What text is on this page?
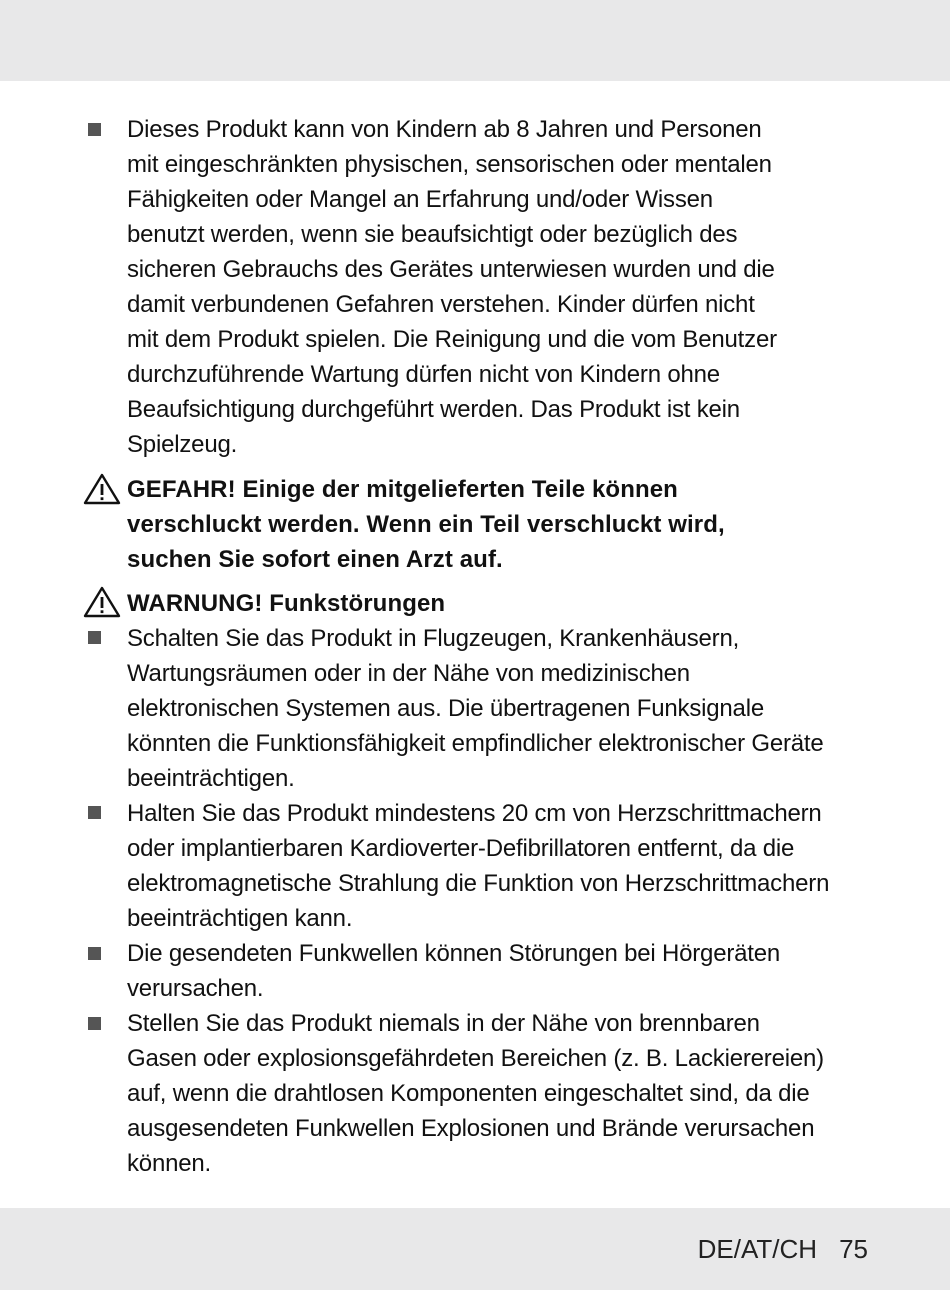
Dieses Produkt kann von Kindern ab 8 Jahren und Personen
mit eingeschränkten physischen, sensorischen oder mentalen
Fähigkeiten oder Mangel an Erfahrung und/oder Wissen
benutzt werden, wenn sie beaufsichtigt oder bezüglich des
sicheren Gebrauchs des Gerätes unterwiesen wurden und die
damit verbundenen Gefahren verstehen. Kinder dürfen nicht
mit dem Produkt spielen. Die Reinigung und die vom Benutzer
durchzuführende Wartung dürfen nicht von Kindern ohne
Beaufsichtigung durchgeführt werden. Das Produkt ist kein
Spielzeug.
GEFAHR! Einige der mitgelieferten Teile können
verschluckt werden. Wenn ein Teil verschluckt wird,
suchen Sie sofort einen Arzt auf.
WARNUNG! Funkstörungen
Schalten Sie das Produkt in Flugzeugen, Krankenhäusern,
Wartungsräumen oder in der Nähe von medizinischen
elektronischen Systemen aus. Die übertragenen Funksignale
könnten die Funktionsfähigkeit empfindlicher elektronischer Geräte
beeinträchtigen.
Halten Sie das Produkt mindestens 20 cm von Herzschrittmachern
oder implantierbaren Kardioverter-Defibrillatoren entfernt, da die
elektromagnetische Strahlung die Funktion von Herzschrittmachern
beeinträchtigen kann.
Die gesendeten Funkwellen können Störungen bei Hörgeräten
verursachen.
Stellen Sie das Produkt niemals in der Nähe von brennbaren
Gasen oder explosionsgefährdeten Bereichen (z. B. Lackierereien)
auf, wenn die drahtlosen Komponenten eingeschaltet sind, da die
ausgesendeten Funkwellen Explosionen und Brände verursachen
können.
DE/AT/CH 75
